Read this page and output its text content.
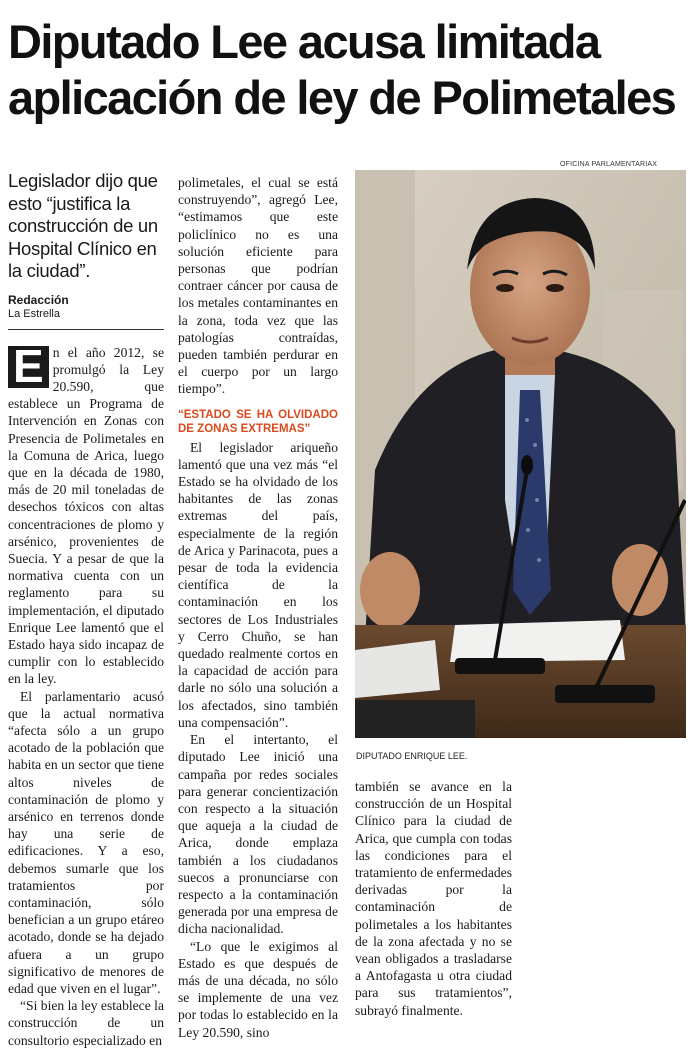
Diputado Lee acusa limitada aplicación de ley de Polimetales

Legislador dijo que esto “justifica la construcción de un Hospital Clínico en la ciudad”.

Redacción

La Estrella

E n el año 2012, se promulgó la Ley 20.590, que establece un Programa de Intervención en Zonas con Presencia de Polimetales en la Comuna de Arica, luego que en la década de 1980, más de 20 mil toneladas de desechos tóxicos con altas concentraciones de plomo y arsénico, provenientes de Suecia. Y a pesar de que la normativa cuenta con un reglamento para su implementación, el diputado Enrique Lee lamentó que el Estado haya sido incapaz de cumplir con lo establecido en la ley.

El parlamentario acusó que la actual normativa “afecta sólo a un grupo acotado de la población que habita en un sector que tiene altos niveles de contaminación de plomo y arsénico en terrenos donde hay una serie de edificaciones. Y a eso, debemos sumarle que los tratamientos por contaminación, sólo benefician a un grupo etáreo acotado, donde se ha dejado afuera a un grupo significativo de menores de edad que viven en el lugar”.

“Si bien la ley establece la construcción de un consultorio especializado en

polimetales, el cual se está construyendo”, agregó Lee, “estimamos que este policlínico no es una solución eficiente para personas que podrían contraer cáncer por causa de los metales contaminantes en la zona, toda vez que las patologías contraídas, pueden también perdurar en el cuerpo por un largo tiempo”.

“ESTADO SE HA OLVIDADO DE ZONAS EXTREMAS”

El legislador ariqueño lamentó que una vez más “el Estado se ha olvidado de los habitantes de las zonas extremas del país, especialmente de la región de Arica y Parinacota, pues a pesar de toda la evidencia científica de la contaminación en los sectores de Los Industriales y Cerro Chuño, se han quedado realmente cortos en la capacidad de acción para darle no sólo una solución a los afectados, sino también una compensación”.

En el intertanto, el diputado Lee inició una campaña por redes sociales para generar concientización con respecto a la situación que aqueja a la ciudad de Arica, donde emplaza también a los ciudadanos suecos a pronunciarse con respecto a la contaminación generada por una empresa de dicha nacionalidad.

“Lo que le exigimos al Estado es que después de más de una década, no sólo se implemente de una vez por todas lo establecido en la Ley 20.590, sino

OFICINA PARLAMENTARIAX
DIPUTADO ENRIQUE LEE.

también se avance en la construcción de un Hospital Clínico para la ciudad de Arica, que cumpla con todas las condiciones para el tratamiento de enfermedades derivadas por la contaminación de polimetales a los habitantes de la zona afectada y no se vean obligados a trasladarse a Antofagasta u otra ciudad para sus tratamientos”, subrayó finalmente.
